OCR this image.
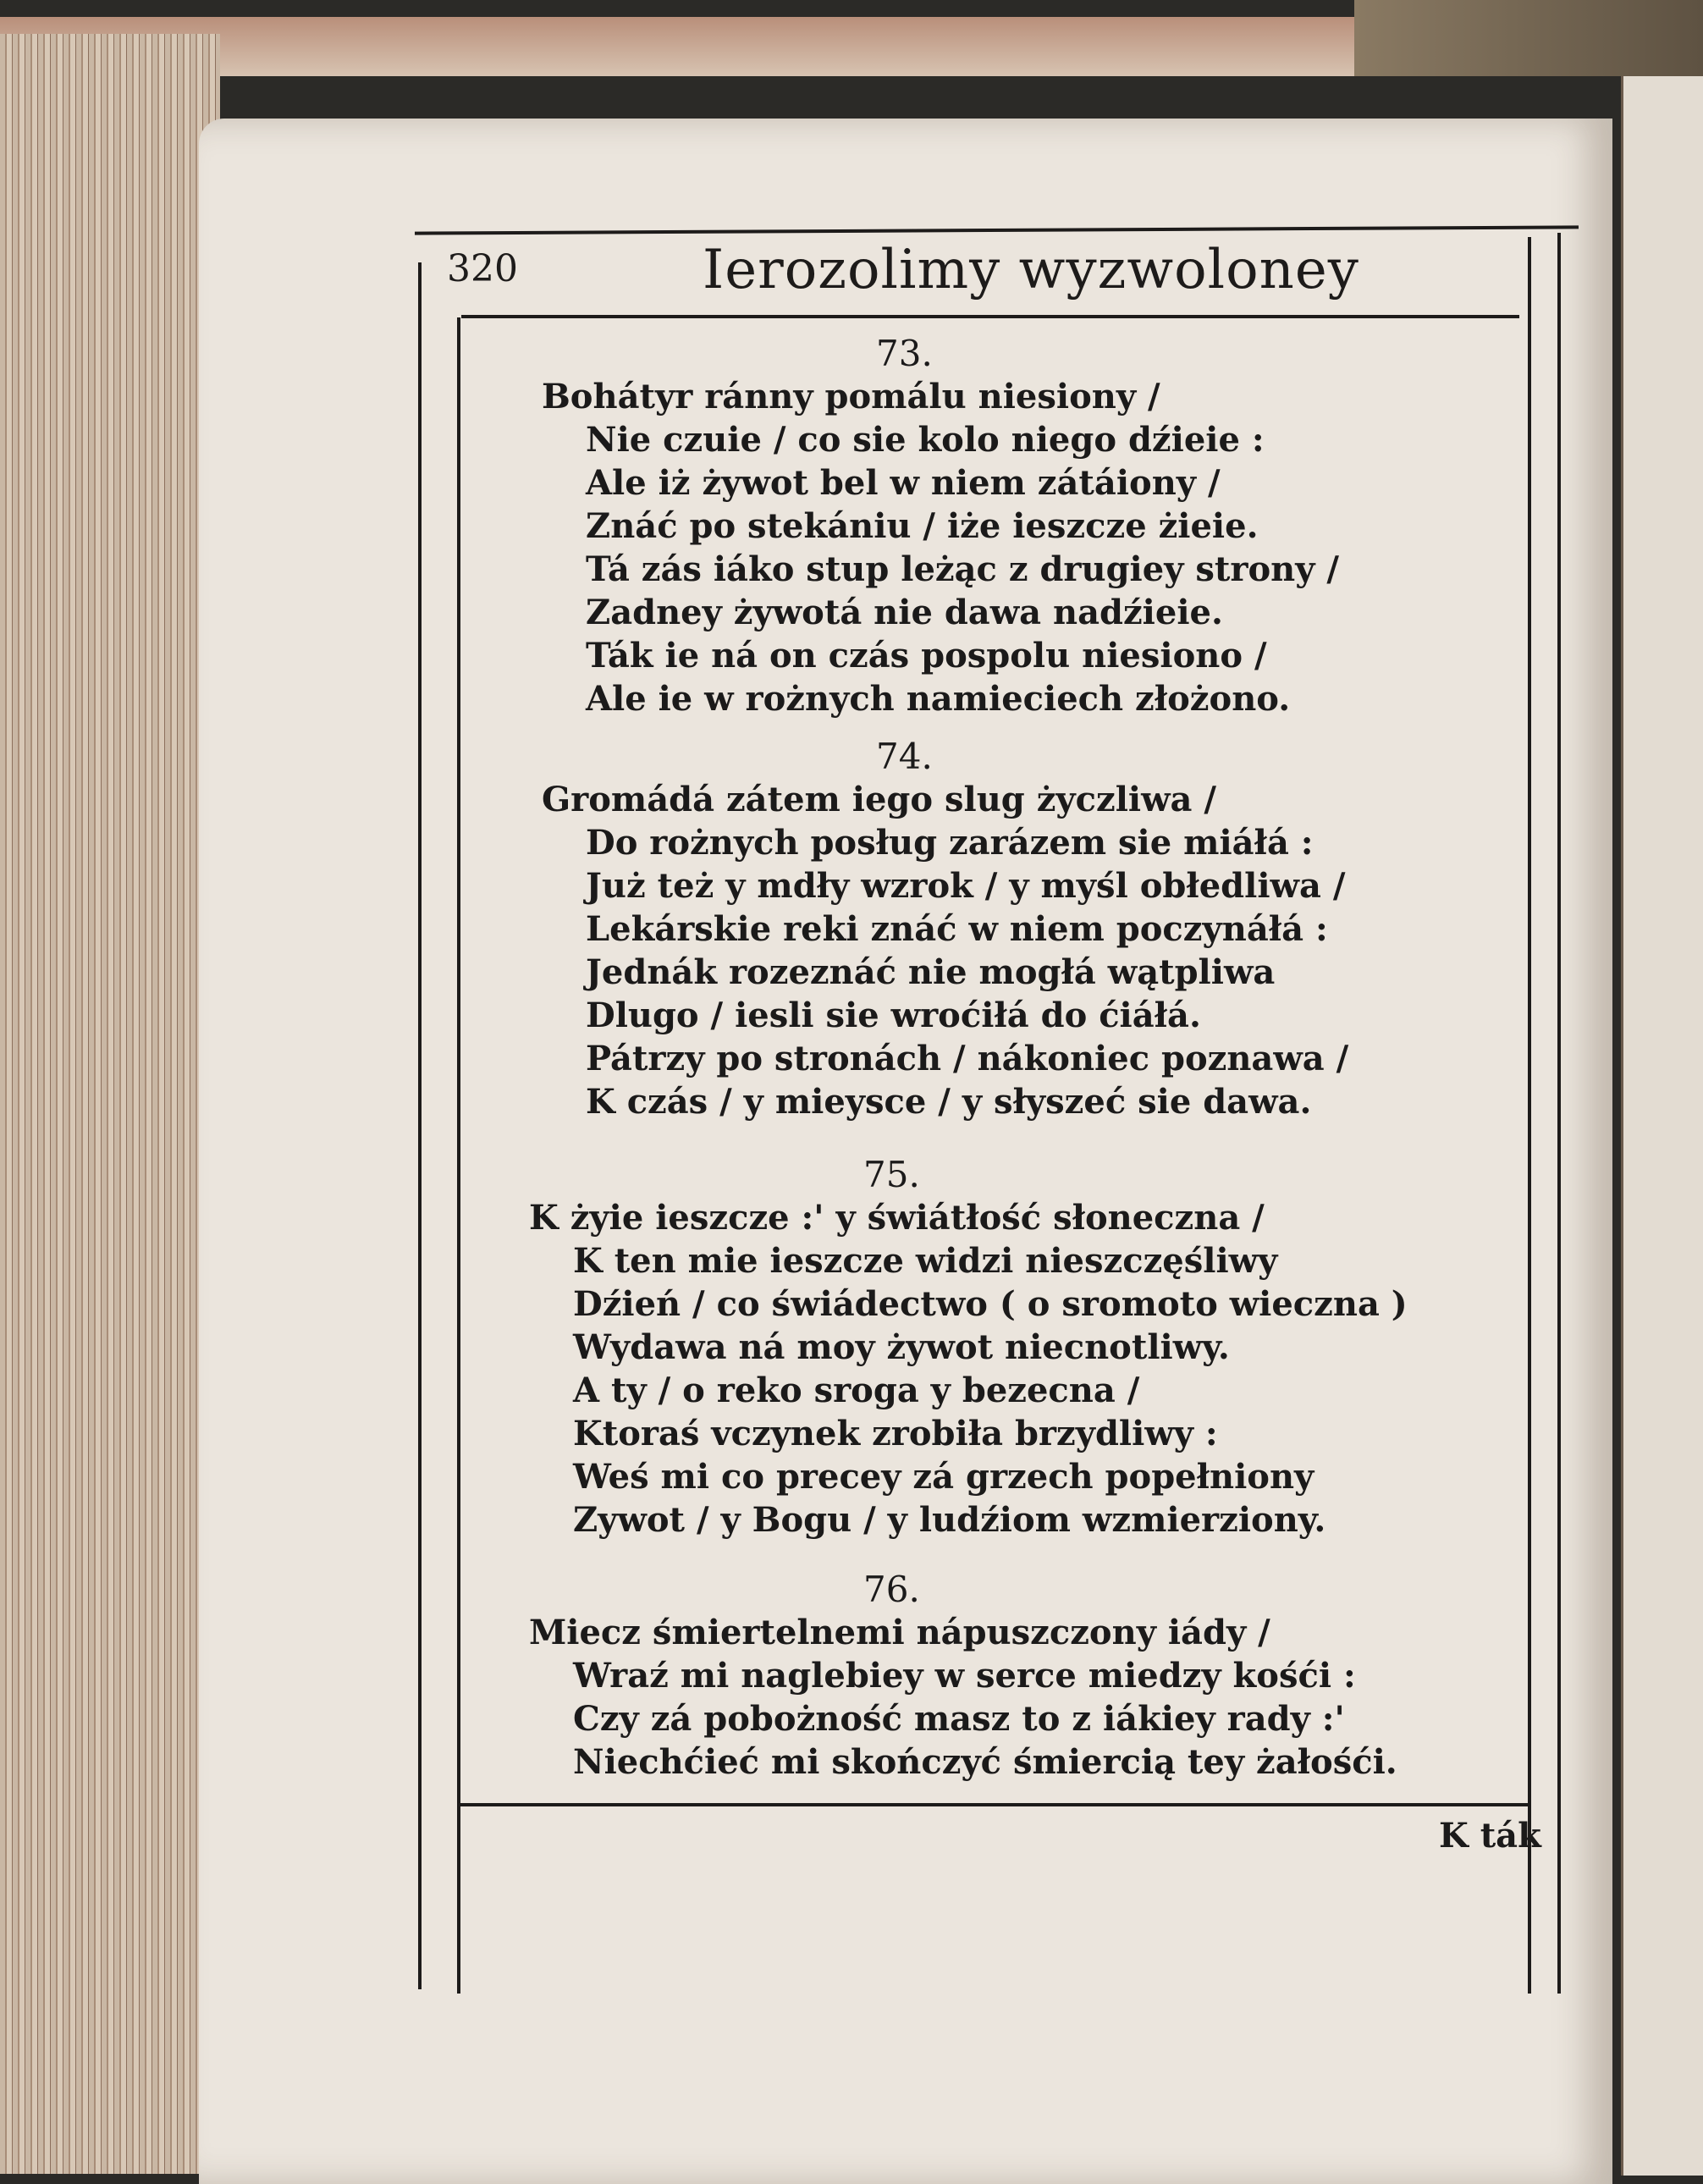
320	Ierozolimy wyzwoloney
73.
Bohátyr ránny pomálu niesiony /
Nie czuie / co sie kolo niego dźieie :
Ale iż żywot bel w niem zátáiony /
Znáć po stekániu / iże ieszcze żieie.
Tá zás iáko stup leżąc z drugiey strony /
Zadney żywotá nie dawa nadźieie.
Ták ie ná on czás pospolu niesiono /
Ale ie w rożnych namieciech złożono.
74.
Gromádá zátem iego slug życzliwa /
Do rożnych posług zarázem sie miáłá :
Już też y mdły wzrok / y myśl obłedliwa /
Lekárskie reki znáć w niem poczynáłá :
Jednák rozeznáć nie mogłá wątpliwa
Dlugo / iesli sie wroćiłá do ćiáłá.
Pátrzy po stronách / nákoniec poznawa /
K czás / y mieysce / y słyszeć sie dawa.
75.
K żyie ieszcze :' y świátłość słoneczna /
K ten mie ieszcze widzi nieszczęśliwy
Dźień / co świádectwo ( o sromoto wieczna )
Wydawa ná moy żywot niecnotliwy.
A ty / o reko sroga y bezecna /
Ktoraś vczynek zrobiła brzydliwy :
Weś mi co precey zá grzech popełniony
Zywot / y Bogu / y ludźiom wzmierziony.
76.
Miecz śmiertelnemi nápuszczony iády /
Wraź mi naglebiey w serce miedzy kośći :
Czy zá pobożność masz to z iákiey rady :'
Niechćieć mi skończyć śmiercią tey żałośći.
K ták
